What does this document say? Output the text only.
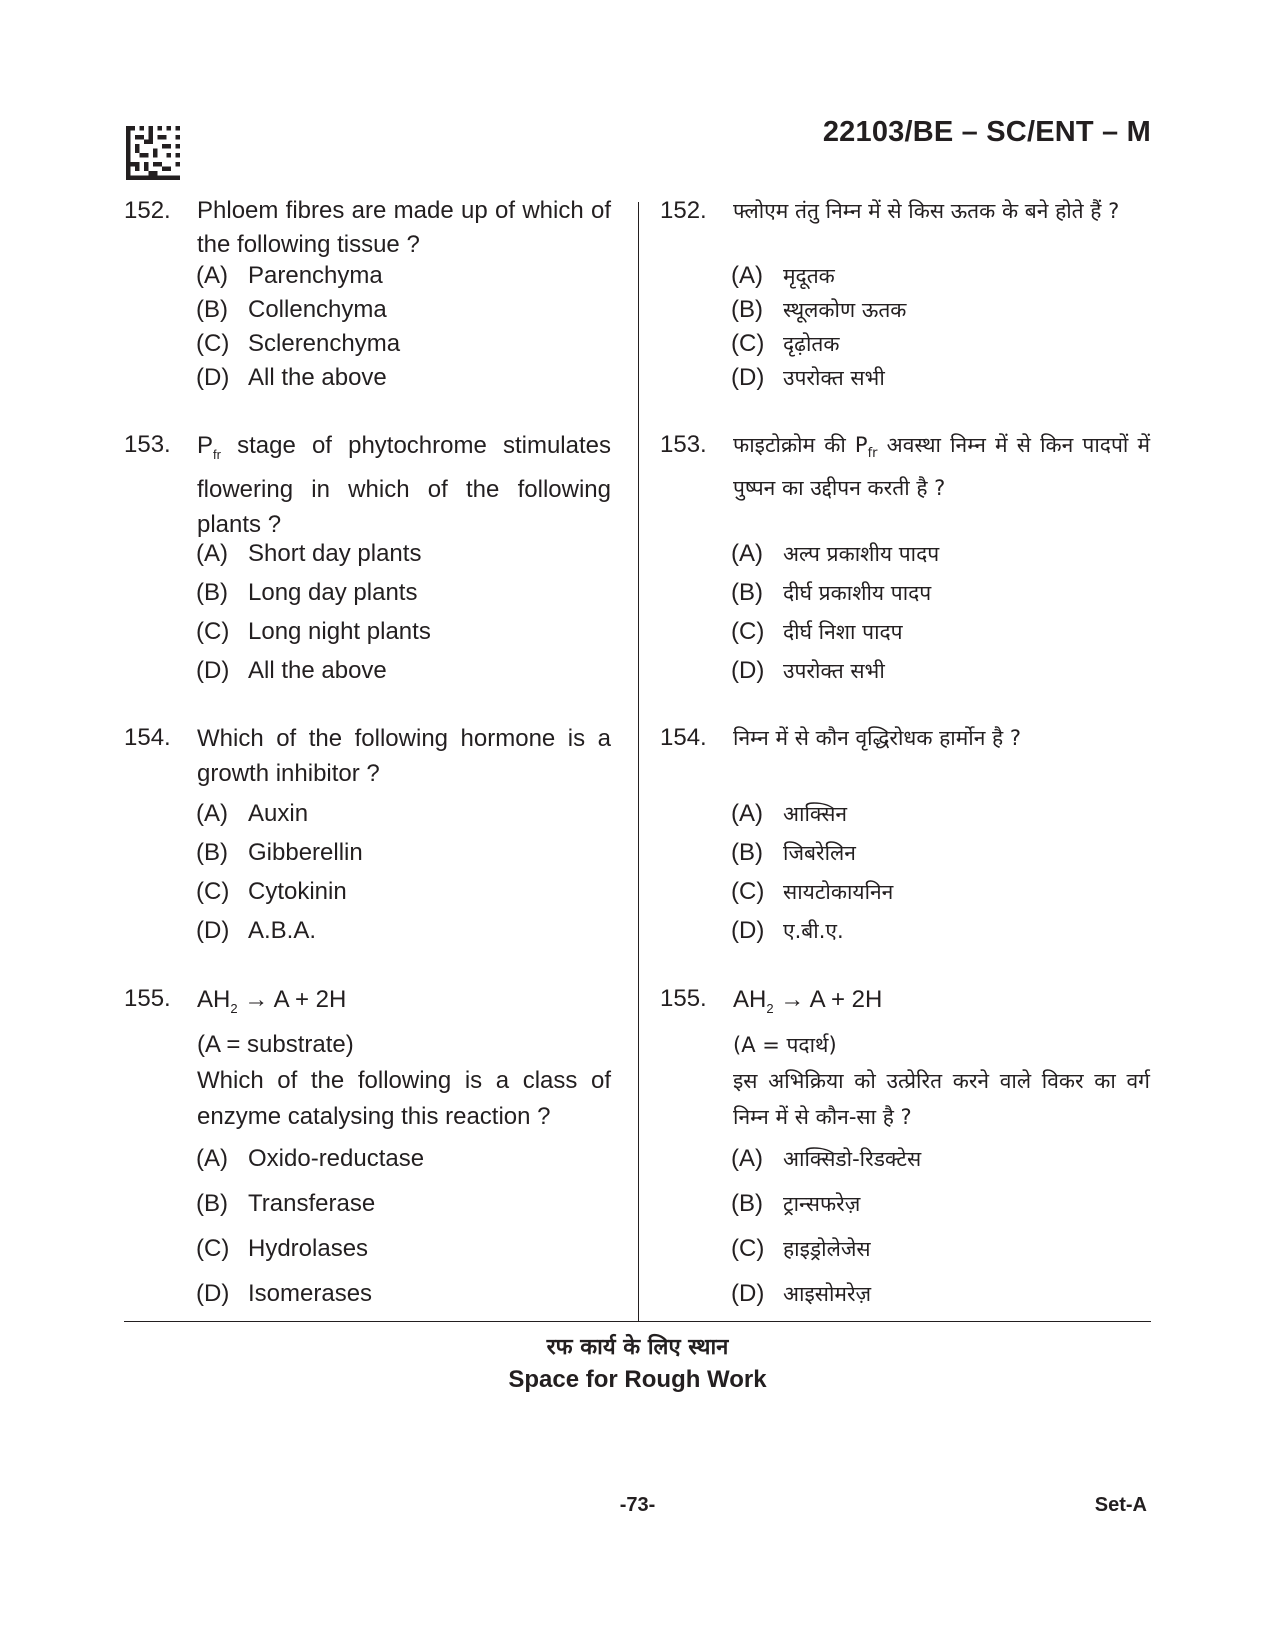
22103/BE – SC/ENT – M
152. Phloem fibres are made up of which of the following tissue ?
(A) Parenchyma
(B) Collenchyma
(C) Sclerenchyma
(D) All the above
153. $P_{fr}$ stage of phytochrome stimulates flowering in which of the following plants ?
(A) Short day plants
(B) Long day plants
(C) Long night plants
(D) All the above
154. Which of the following hormone is a growth inhibitor ?
(A) Auxin
(B) Gibberellin
(C) Cytokinin
(D) A.B.A.
155. $AH_2 \to A + 2H$
(A = substrate)
Which of the following is a class of enzyme catalysing this reaction ?
(A) Oxido-reductase
(B) Transferase
(C) Hydrolases
(D) Isomerases
152. फ्लोएम तंतु निम्न में से किस ऊतक के बने होते हैं ?
(A) मृदूतक
(B) स्थूलकोण ऊतक
(C) दृढ़ोतक
(D) उपरोक्त सभी
153. फाइटोक्रोम की $P_{fr}$ अवस्था निम्न में से किन पादपों में पुष्पन का उद्दीपन करती है ?
(A) अल्प प्रकाशीय पादप
(B) दीर्घ प्रकाशीय पादप
(C) दीर्घ निशा पादप
(D) उपरोक्त सभी
154. निम्न में से कौन वृद्धिरोधक हार्मोन है ?
(A) आक्सिन
(B) जिबरेलिन
(C) सायटोकायनिन
(D) ए.बी.ए.
155. $AH_2 \to A + 2H$
(A = पदार्थ)
इस अभिक्रिया को उत्प्रेरित करने वाले विकर का वर्ग निम्न में से कौन-सा है ?
(A) आक्सिडो-रिडक्टेस
(B) ट्रान्सफरेज़
(C) हाइड्रोलेजेस
(D) आइसोमरेज़
रफ कार्य के लिए स्थान
Space for Rough Work
-73-	Set-A
